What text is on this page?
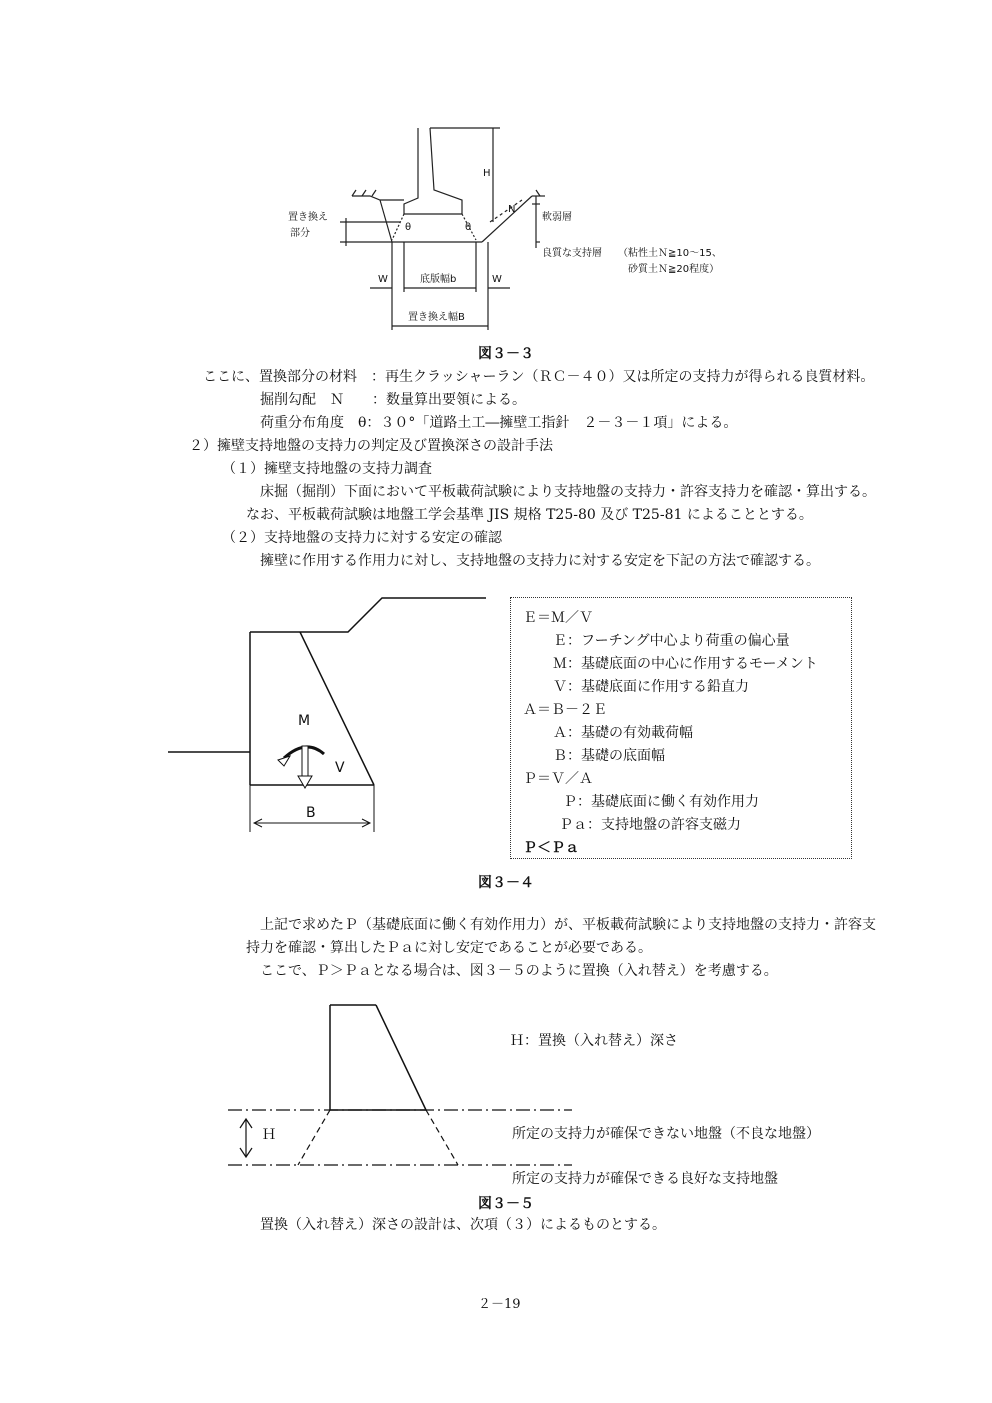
H
N
置き換え
部分
θ	θ
軟弱層
良質な支持層 （粘性土Ｎ≧10～15、
砂質土Ｎ≧20程度）
W	底版幅b	W
置き換え幅B
図３－３
ここに、置換部分の材料　：再生クラッシャーラン（ＲＣ－４０）又は所定の支持力が得られる良質材料。
掘削勾配　Ｎ　　：数量算出要領による。
荷重分布角度　θ：３０°「道路土工―擁壁工指針　２－３－１項」による。
２）擁壁支持地盤の支持力の判定及び置換深さの設計手法
（１）擁壁支持地盤の支持力調査
床掘（掘削）下面において平板載荷試験により支持地盤の支持力・許容支持力を確認・算出する。
なお、平板載荷試験は地盤工学会基準 JIS 規格 T25-80 及び T25-81 によることとする。
（２）支持地盤の支持力に対する安定の確認
擁壁に作用する作用力に対し、支持地盤の支持力に対する安定を下記の方法で確認する。
M
V
B
Ｅ＝Ｍ／Ｖ
Ｅ：フーチング中心より荷重の偏心量
Ｍ：基礎底面の中心に作用するモーメント
Ｖ：基礎底面に作用する鉛直力
Ａ＝Ｂ－２Ｅ
Ａ：基礎の有効載荷幅
Ｂ：基礎の底面幅
Ｐ＝Ｖ／Ａ
Ｐ：基礎底面に働く有効作用力
Ｐａ：支持地盤の許容支磁力
Ｐ＜Ｐａ
図３－４
上記で求めたＰ（基礎底面に働く有効作用力）が、平板載荷試験により支持地盤の支持力・許容支
持力を確認・算出したＰａに対し安定であることが必要である。
ここで、Ｐ＞Ｐａとなる場合は、図３－５のように置換（入れ替え）を考慮する。
Ｈ
Ｈ：置換（入れ替え）深さ
所定の支持力が確保できない地盤（不良な地盤）
所定の支持力が確保できる良好な支持地盤
図３－５
置換（入れ替え）深さの設計は、次項（３）によるものとする。
２－19
